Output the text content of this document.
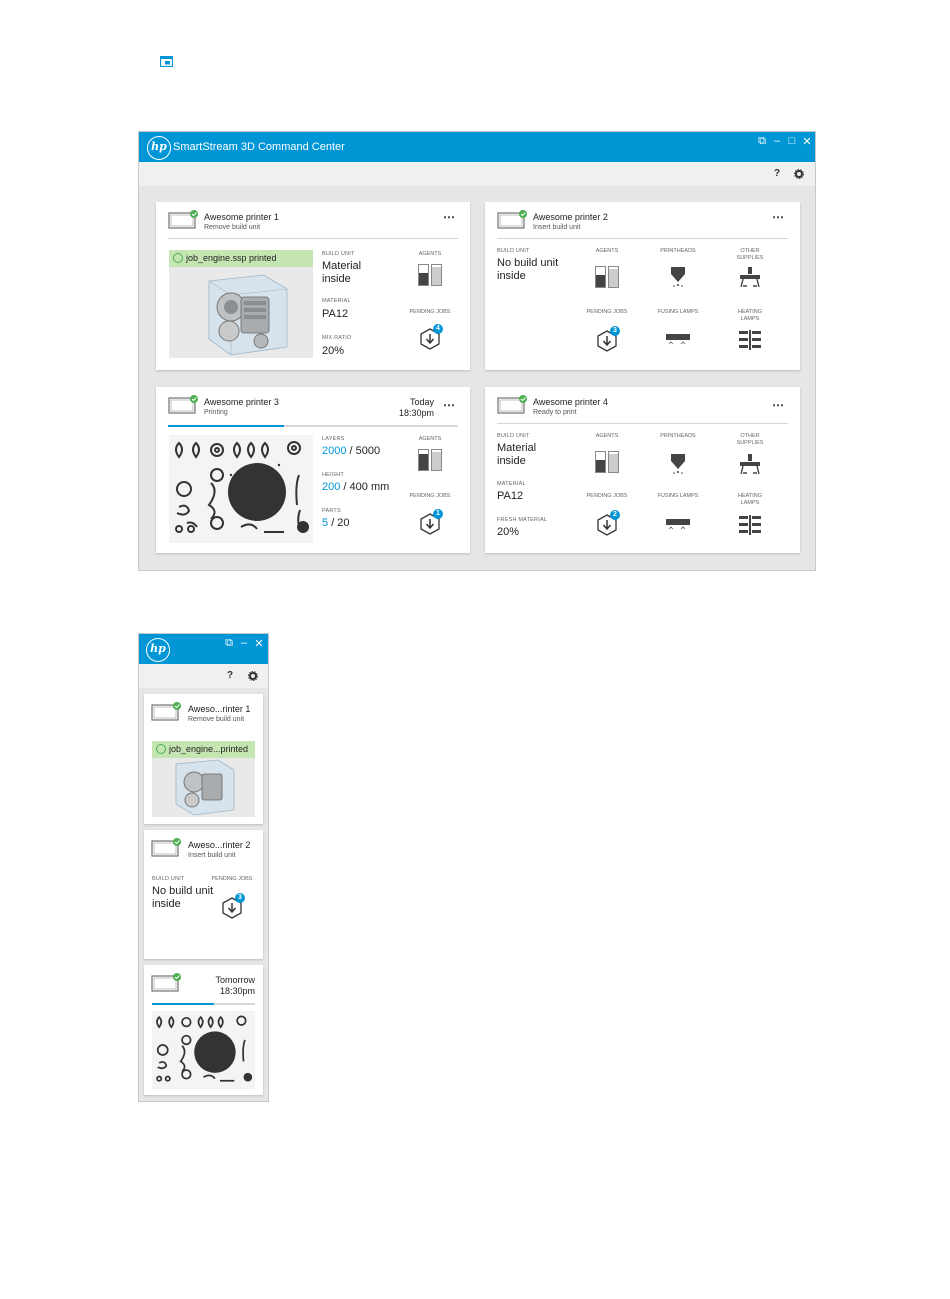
hp SmartStream 3D Command Center	⧉ – □ ✕
?
Awesome printer 1
Remove build unit
⋯
job_engine.ssp printed	BUILD UNIT
Material inside
MATERIAL
PA12
MIX RATIO
20%
AGENTS
PENDING JOBS
4
Awesome printer 2
Insert build unit
⋯
BUILD UNIT
No build unit inside
AGENTS	PRINTHEADS	OTHER SUPPLIES
PENDING JOBS
3
FUSING LAMPS	HEATING LAMPS
Awesome printer 3
Printing
Today
18:30pm
⋯
LAYERS
2000 / 5000
HEIGHT
200 / 400 mm
PARTS
5 / 20
AGENTS
PENDING JOBS
1
Awesome printer 4
Ready to print
⋯
BUILD UNIT
Material inside
MATERIAL
PA12
FRESH MATERIAL
20%
AGENTS	PRINTHEADS	OTHER SUPPLIES
PENDING JOBS
2
FUSING LAMPS	HEATING LAMPS
hp	⧉ – ✕
?
Aweso...rinter 1
Remove build unit
job_engine...printed
Aweso...rinter 2
Insert build unit
BUILD UNIT
No build unit inside
PENDING JOBS
3
Tomorrow
18:30pm
